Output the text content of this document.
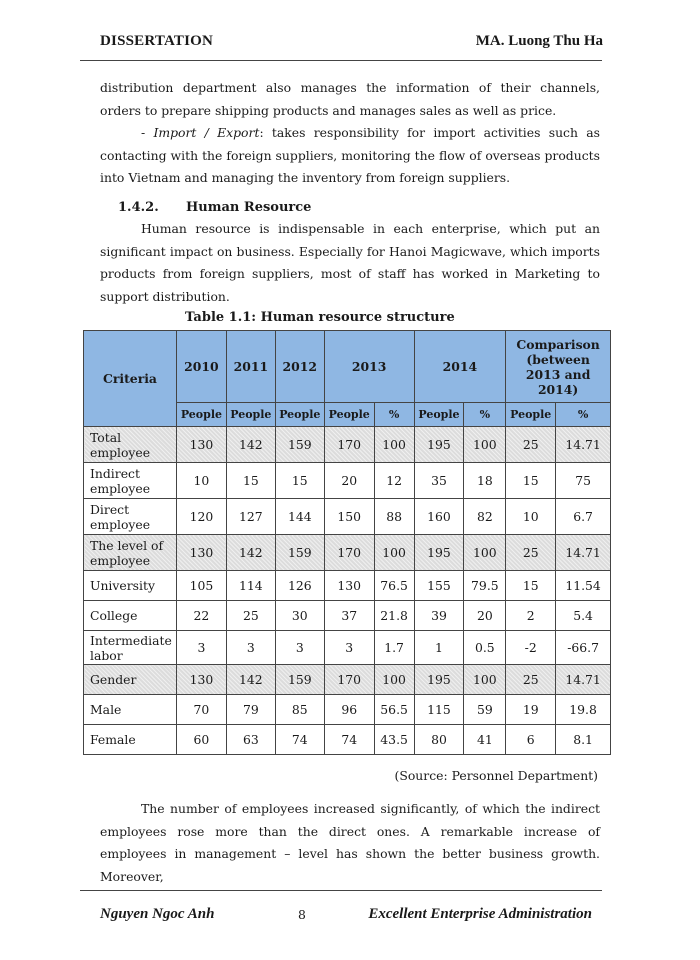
DISSERTATION	MA. Luong Thu Ha
distribution department also manages the information of their channels, orders to prepare shipping products and manages sales as well as price.
- Import / Export: takes responsibility for import activities such as contacting with the foreign suppliers, monitoring the flow of overseas products into Vietnam and managing the inventory from foreign suppliers.
1.4.2. Human Resource
Human resource is indispensable in each enterprise, which put an significant impact on business. Especially for Hanoi Magicwave, which imports products from foreign suppliers, most of staff has worked in Marketing to support distribution.
Table 1.1: Human resource structure
Criteria	2010	2011	2012	2013		2014		Comparison (between 2013 and 2014)	
	People	People	People	People	%	People	%	People	%
Total employee	130	142	159	170	100	195	100	25	14.71
Indirect employee	10	15	15	20	12	35	18	15	75
Direct employee	120	127	144	150	88	160	82	10	6.7
The level of employee	130	142	159	170	100	195	100	25	14.71
University	105	114	126	130	76.5	155	79.5	15	11.54
College	22	25	30	37	21.8	39	20	2	5.4
Intermediate labor	3	3	3	3	1.7	1	0.5	-2	-66.7
Gender	130	142	159	170	100	195	100	25	14.71
Male	70	79	85	96	56.5	115	59	19	19.8
Female	60	63	74	74	43.5	80	41	6	8.1
(Source: Personnel Department)
The number of employees increased significantly, of which the indirect employees rose more than the direct ones. A remarkable increase of employees in management – level has shown the better business growth. Moreover,
Nguyen Ngoc Anh	8	Excellent Enterprise Administration
